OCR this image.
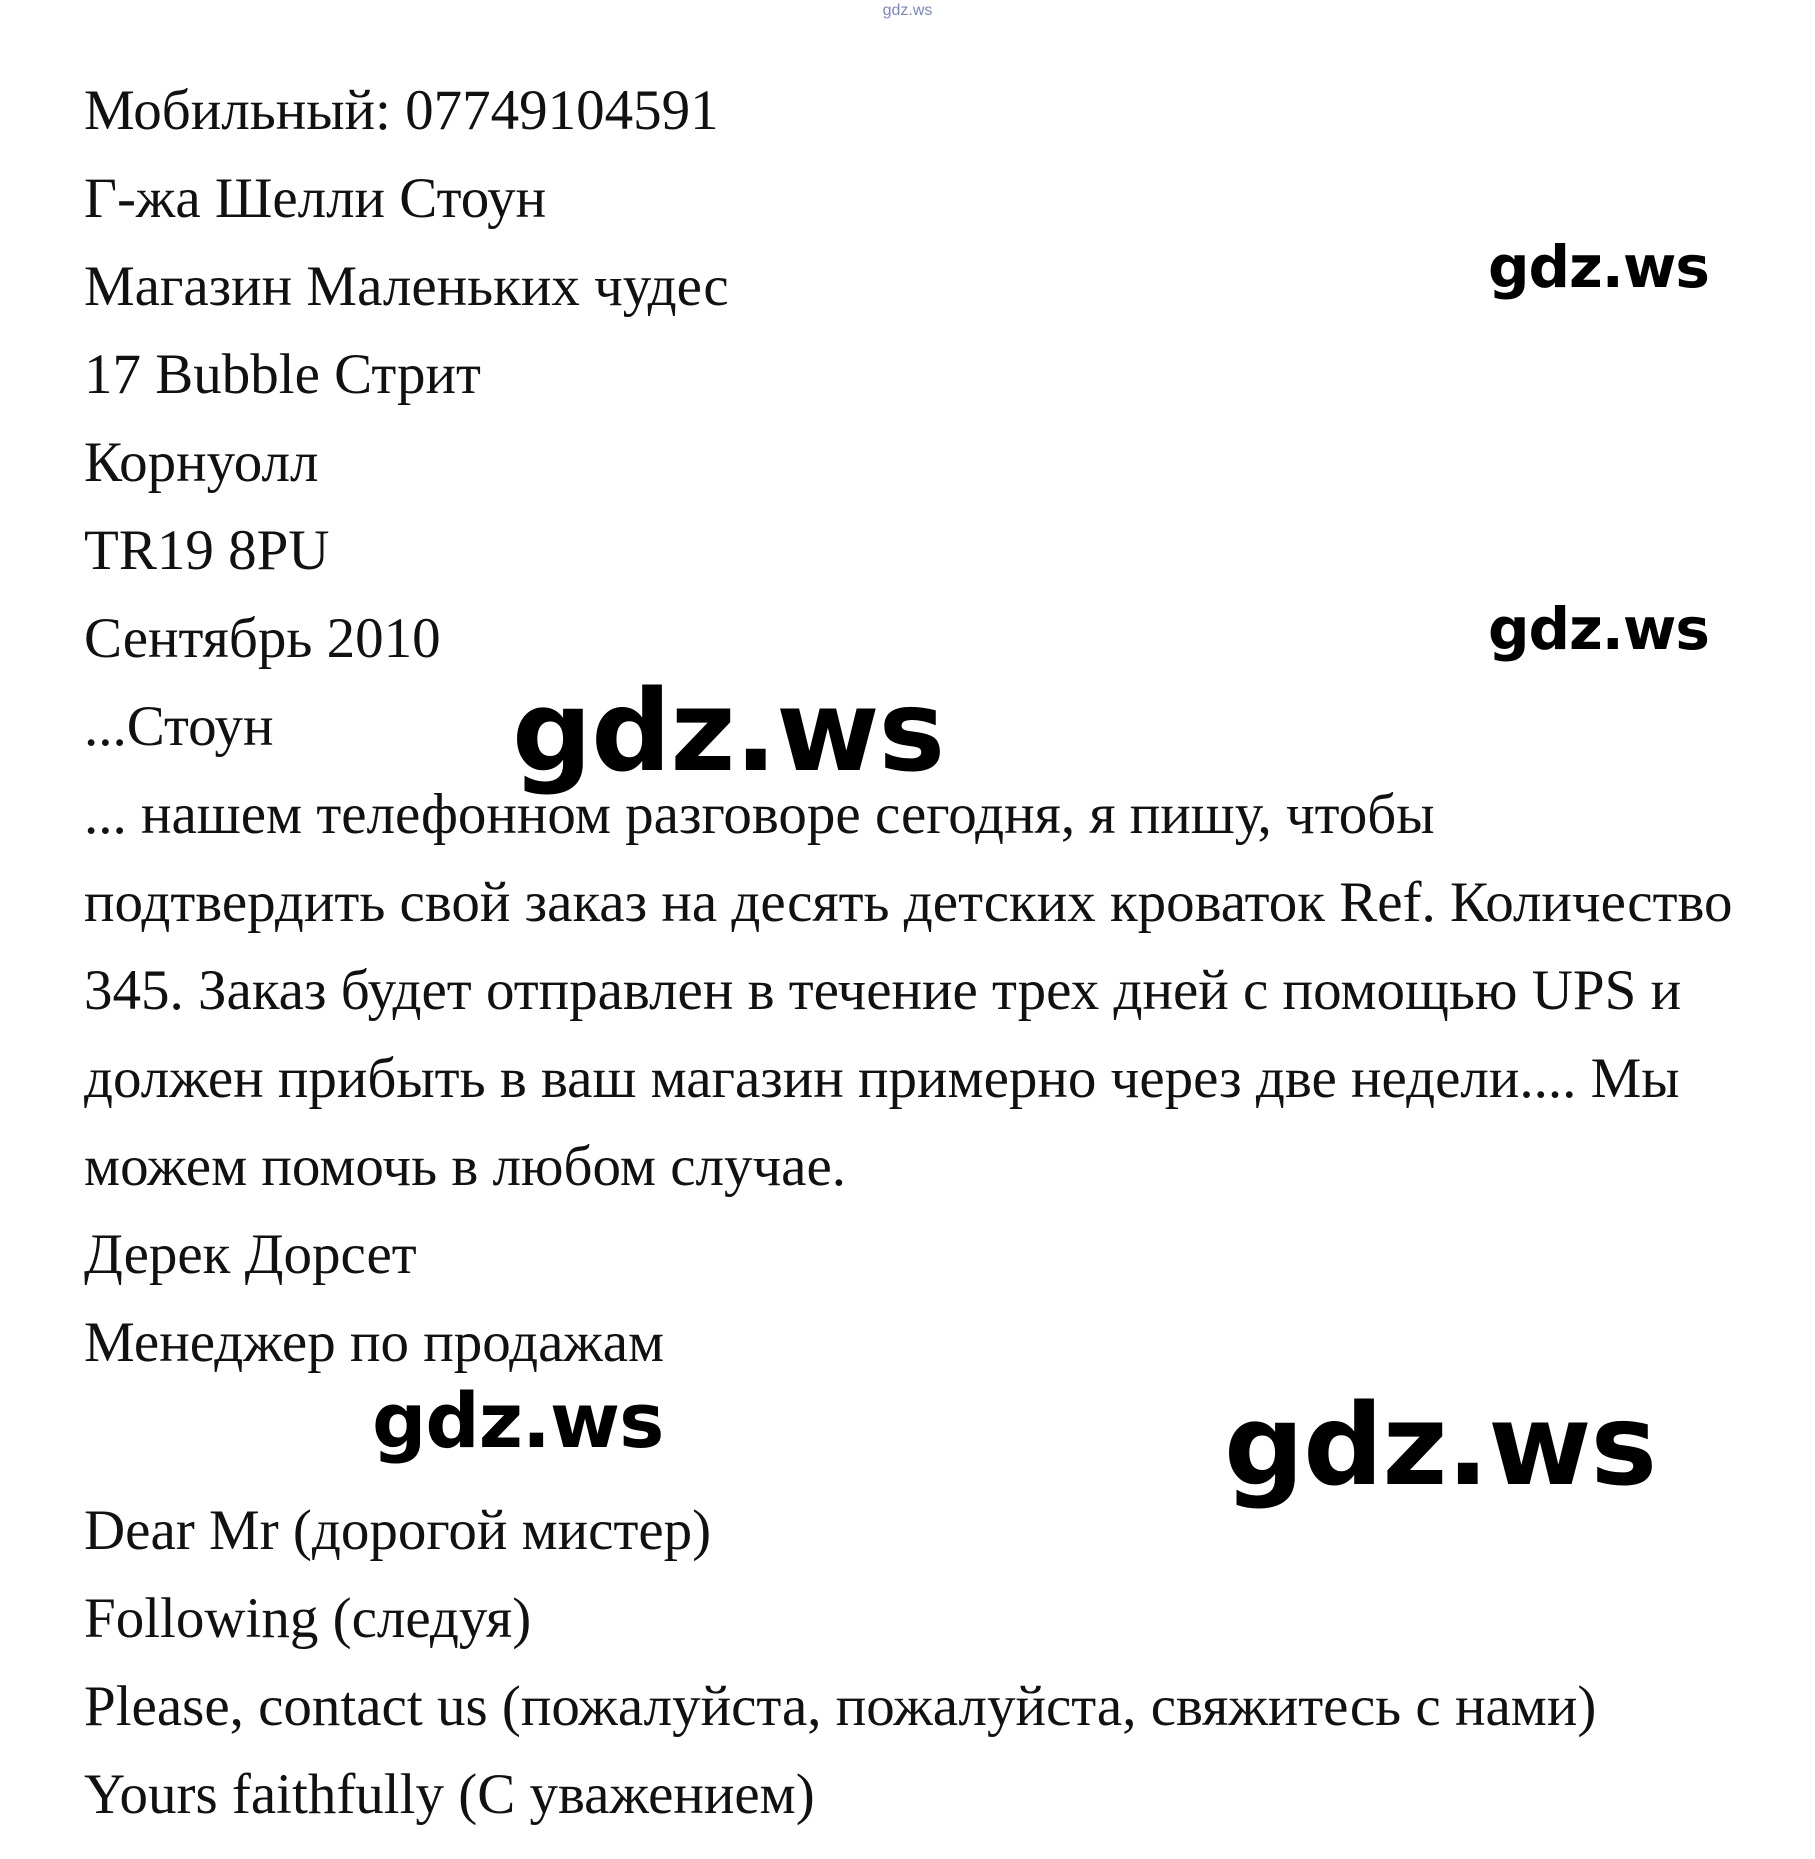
gdz.ws
Мобильный: 07749104591
Г-жа Шелли Стоун
Магазин Маленьких чудес
17 Bubble Стрит
Корнуолл
TR19 8PU
Сентябрь 2010
...Стоун

... нашем телефонном разговоре сегодня, я пишу, чтобы
подтвердить свой заказ на десять детских кроваток Ref. Количество
345. Заказ будет отправлен в течение трех дней с помощью UPS и
должен прибыть в ваш магазин примерно через две недели.... Мы
можем помочь в любом случае.

Дерек Дорсет
Менеджер по продажам
Dear Mr (дорогой мистер)
Following (следуя)
Please, contact us (пожалуйста, пожалуйста, свяжитесь с нами)
Yours faithfully (С уважением)
gdz.ws
gdz.ws
gdz.ws
gdz.ws	gdz.ws
